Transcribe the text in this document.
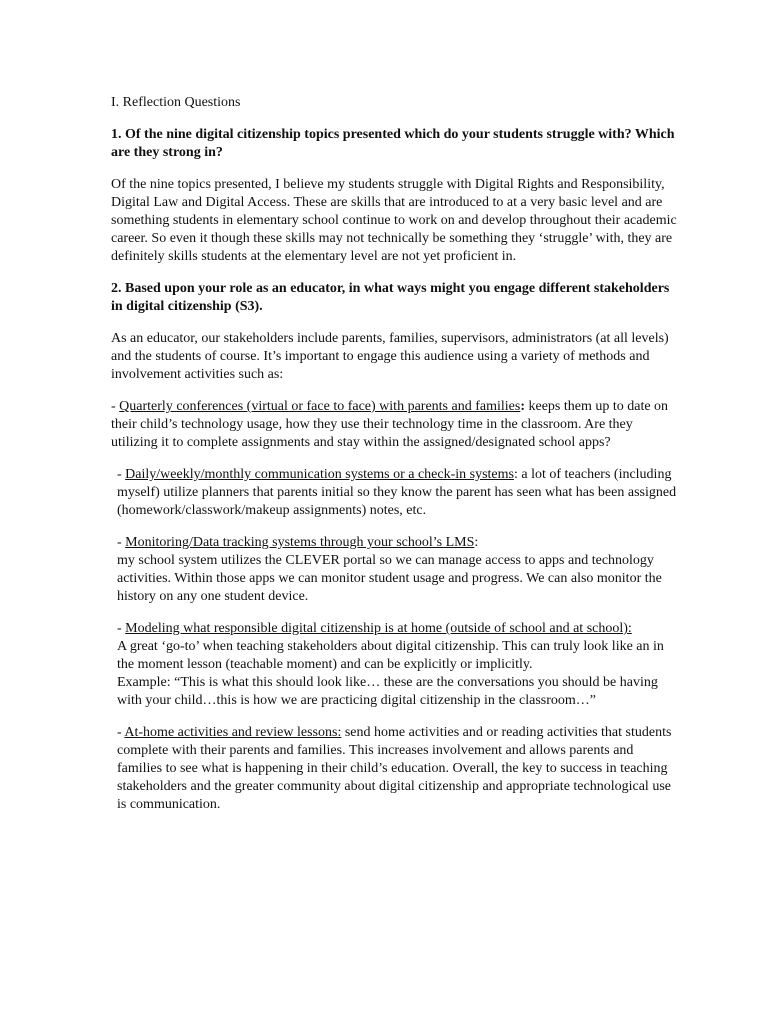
I. Reflection Questions
1. Of the nine digital citizenship topics presented which do your students struggle with? Which are they strong in?

Of the nine topics presented, I believe my students struggle with Digital Rights and Responsibility, Digital Law and Digital Access. These are skills that are introduced to at a very basic level and are something students in elementary school continue to work on and develop throughout their academic career. So even it though these skills may not technically be something they ‘struggle’ with, they are definitely skills students at the elementary level are not yet proficient in.

2. Based upon your role as an educator, in what ways might you engage different stakeholders in digital citizenship (S3).

As an educator, our stakeholders include parents, families, supervisors, administrators (at all levels) and the students of course. It’s important to engage this audience using a variety of methods and involvement activities such as:

- Quarterly conferences (virtual or face to face) with parents and families: keeps them up to date on their child’s technology usage, how they use their technology time in the classroom. Are they utilizing it to complete assignments and stay within the assigned/designated school apps?
- Daily/weekly/monthly communication systems or a check-in systems: a lot of teachers (including myself) utilize planners that parents initial so they know the parent has seen what has been assigned (homework/classwork/makeup assignments) notes, etc.
- Monitoring/Data tracking systems through your school’s LMS:
my school system utilizes the CLEVER portal so we can manage access to apps and technology activities. Within those apps we can monitor student usage and progress. We can also monitor the history on any one student device.
- Modeling what responsible digital citizenship is at home (outside of school and at school):
A great ‘go-to’ when teaching stakeholders about digital citizenship. This can truly look like an in the moment lesson (teachable moment) and can be explicitly or implicitly.
Example: “This is what this should look like… these are the conversations you should be having with your child…this is how we are practicing digital citizenship in the classroom…”
- At-home activities and review lessons: send home activities and or reading activities that students complete with their parents and families. This increases involvement and allows parents and families to see what is happening in their child’s education. Overall, the key to success in teaching stakeholders and the greater community about digital citizenship and appropriate technological use is communication.
